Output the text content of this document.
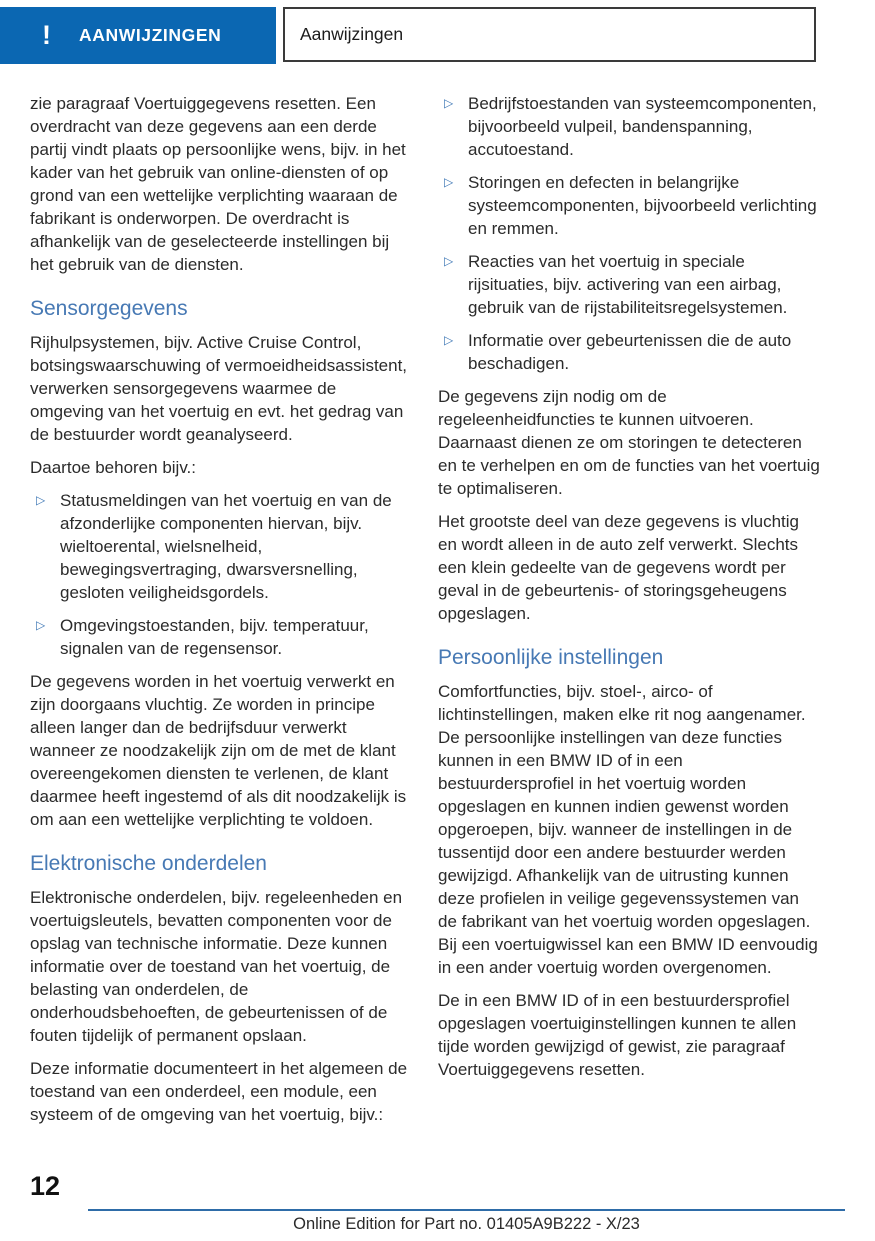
! AANWIJZINGEN	Aanwijzingen

zie paragraaf Voertuiggegevens resetten. Een overdracht van deze gegevens aan een derde partij vindt plaats op persoonlijke wens, bijv. in het kader van het gebruik van online-diensten of op grond van een wettelijke verplichting waaraan de fabrikant is onderworpen. De overdracht is afhankelijk van de geselecteerde instellingen bij het gebruik van de diensten.

Sensorgegevens

Rijhulpsystemen, bijv. Active Cruise Control, botsingswaarschuwing of vermoeidheidsassistent, verwerken sensorgegevens waarmee de omgeving van het voertuig en evt. het gedrag van de bestuurder wordt geanalyseerd.

Daartoe behoren bijv.:

▷ Statusmeldingen van het voertuig en van de afzonderlijke componenten hiervan, bijv. wieltoerental, wielsnelheid, bewegingsvertraging, dwarsversnelling, gesloten veiligheidsgordels.
▷ Omgevingstoestanden, bijv. temperatuur, signalen van de regensensor.

De gegevens worden in het voertuig verwerkt en zijn doorgaans vluchtig. Ze worden in principe alleen langer dan de bedrijfsduur verwerkt wanneer ze noodzakelijk zijn om de met de klant overeengekomen diensten te verlenen, de klant daarmee heeft ingestemd of als dit noodzakelijk is om aan een wettelijke verplichting te voldoen.

Elektronische onderdelen

Elektronische onderdelen, bijv. regeleenheden en voertuigsleutels, bevatten componenten voor de opslag van technische informatie. Deze kunnen informatie over de toestand van het voertuig, de belasting van onderdelen, de onderhoudsbehoeften, de gebeurtenissen of de fouten tijdelijk of permanent opslaan.

Deze informatie documenteert in het algemeen de toestand van een onderdeel, een module, een systeem of de omgeving van het voertuig, bijv.:

▷ Bedrijfstoestanden van systeemcomponenten, bijvoorbeeld vulpeil, bandenspanning, accutoestand.
▷ Storingen en defecten in belangrijke systeemcomponenten, bijvoorbeeld verlichting en remmen.
▷ Reacties van het voertuig in speciale rijsituaties, bijv. activering van een airbag, gebruik van de rijstabiliteitsregelsystemen.
▷ Informatie over gebeurtenissen die de auto beschadigen.

De gegevens zijn nodig om de regeleenheidfuncties te kunnen uitvoeren. Daarnaast dienen ze om storingen te detecteren en te verhelpen en om de functies van het voertuig te optimaliseren.

Het grootste deel van deze gegevens is vluchtig en wordt alleen in de auto zelf verwerkt. Slechts een klein gedeelte van de gegevens wordt per geval in de gebeurtenis- of storingsgeheugens opgeslagen.

Persoonlijke instellingen

Comfortfuncties, bijv. stoel-, airco- of lichtinstellingen, maken elke rit nog aangenamer. De persoonlijke instellingen van deze functies kunnen in een BMW ID of in een bestuurdersprofiel in het voertuig worden opgeslagen en kunnen indien gewenst worden opgeroepen, bijv. wanneer de instellingen in de tussentijd door een andere bestuurder werden gewijzigd. Afhankelijk van de uitrusting kunnen deze profielen in veilige gegevenssystemen van de fabrikant van het voertuig worden opgeslagen. Bij een voertuigwissel kan een BMW ID eenvoudig in een ander voertuig worden overgenomen.

De in een BMW ID of in een bestuurdersprofiel opgeslagen voertuiginstellingen kunnen te allen tijde worden gewijzigd of gewist, zie paragraaf Voertuiggegevens resetten.

12
Online Edition for Part no. 01405A9B222 - X/23
